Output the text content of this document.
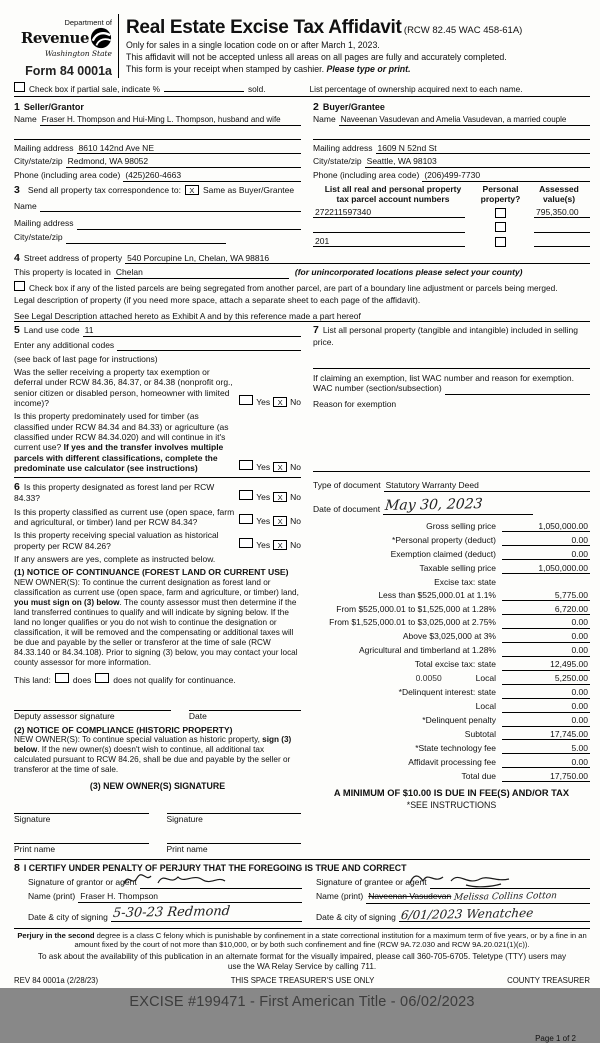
Department of
Revenue
Washington State
Form 84 0001a
Real Estate Excise Tax Affidavit (RCW 82.45 WAC 458-61A)
Only for sales in a single location code on or after March 1, 2023.
This affidavit will not be accepted unless all areas on all pages are fully and accurately completed.
This form is your receipt when stamped by cashier. Please type or print.
Check box if partial sale, indicate %	sold.	List percentage of ownership acquired next to each name.
1 Seller/Grantor
Name Fraser H. Thompson and Hui-Ming L. Thompson, husband and wife

Mailing address 8610 142nd Ave NE
City/state/zip Redmond, WA 98052
Phone (including area code) (425)260-4663
3 Send all property tax correspondence to:	X	Same as Buyer/Grantee
Name

Mailing address

City/state/zip

2 Buyer/Grantee
Name Naveenan Vasudevan and Amelia Vasudevan, a married couple

Mailing address 1609 N 52nd St
City/state/zip Seattle, WA 98103
Phone (including area code) (206)499-7730
List all real and personal property
tax parcel account numbers
Personal
property?
Assessed
value(s)
272211597340	795,350.00

201

4 Street address of property 540 Porcupine Ln, Chelan, WA 98816

This property is located in Chelan	(for unincorporated locations please select your county)
Check box if any of the listed parcels are being segregated from another parcel, are part of a boundary line adjustment or parcels being merged.
Legal description of property (if you need more space, attach a separate sheet to each page of the affidavit).
See Legal Description attached hereto as Exhibit A and by this reference made a part hereof
5 Land use code 11
Enter any additional codes

(see back of last page for instructions)
Was the seller receiving a property tax exemption or deferral under RCW 84.36, 84.37, or 84.38 (nonprofit org., senior citizen or disabled person, homeowner with limited income)?	Yes X No
Is this property predominately used for timber (as classified under RCW 84.34 and 84.33) or agriculture (as classified under RCW 84.34.020) and will continue in it's current use? If yes and the transfer involves multiple parcels with different classifications, complete the predominate use calculator (see instructions)	Yes X No
6 Is this property designated as forest land per RCW 84.33?	Yes X No
Is this property classified as current use (open space, farm and agricultural, or timber) land per RCW 84.34?	Yes X No
Is this property receiving special valuation as historical property per RCW 84.26?	Yes X No
If any answers are yes, complete as instructed below.
(1) NOTICE OF CONTINUANCE (FOREST LAND OR CURRENT USE)
NEW OWNER(S): To continue the current designation as forest land or classification as current use (open space, farm and agriculture, or timber) land, you must sign on (3) below. The county assessor must then determine if the land transferred continues to qualify and will indicate by signing below. If the land no longer qualifies or you do not wish to continue the designation or classification, it will be removed and the compensating or additional taxes will be due and payable by the seller or transferor at the time of sale (RCW 84.33.140 or 84.34.108). Prior to signing (3) below, you may contact your local county assessor for more information.
This land:	does	does not qualify for continuance.
Deputy assessor signature	Date
(2) NOTICE OF COMPLIANCE (HISTORIC PROPERTY)
NEW OWNER(S): To continue special valuation as historic property, sign (3) below. If the new owner(s) doesn't wish to continue, all additional tax calculated pursuant to RCW 84.26, shall be due and payable by the seller or transferor at the time of sale.
(3) NEW OWNER(S) SIGNATURE
Signature	Signature
Print name	Print name
7 List all personal property (tangible and intangible) included in selling price.

If claiming an exemption, list WAC number and reason for exemption.
WAC number (section/subsection)

Reason for exemption

Type of document Statutory Warranty Deed
Date of document May 30, 2023
Gross selling price	1,050,000.00
*Personal property (deduct)	0.00
Exemption claimed (deduct)	0.00
Taxable selling price	1,050,000.00
Excise tax: state
Less than $525,000.01 at 1.1%	5,775.00
From $525,000.01 to $1,525,000 at 1.28%	6,720.00
From $1,525,000.01 to $3,025,000 at 2.75%	0.00
Above $3,025,000 at 3%	0.00
Agricultural and timberland at 1.28%	0.00
Total excise tax: state	12,495.00
0.0050	Local	5,250.00
*Delinquent interest: state	0.00
Local	0.00
*Delinquent penalty	0.00
Subtotal	17,745.00
*State technology fee	5.00
Affidavit processing fee	0.00
Total due	17,750.00
A MINIMUM OF $10.00 IS DUE IN FEE(S) AND/OR TAX
*SEE INSTRUCTIONS
8 I CERTIFY UNDER PENALTY OF PERJURY THAT THE FOREGOING IS TRUE AND CORRECT
Signature of grantor or agent

Name (print) Fraser H. Thompson
Date & city of signing 5-30-23 Redmond
Signature of grantee or agent

Name (print) Naveenan Vasudevan Melissa Collins Cotton
Date & city of signing 6/01/2023 Wenatchee
Perjury in the second degree is a class C felony which is punishable by confinement in a state correctional institution for a maximum term of five years, or by a fine in an amount fixed by the court of not more than $10,000, or by both such confinement and fine (RCW 9A.72.030 and RCW 9A.20.021(1)(c)).
To ask about the availability of this publication in an alternate format for the visually impaired, please call 360-705-6705. Teletype (TTY) users may use the WA Relay Service by calling 711.
REV 84 0001a (2/28/23)	THIS SPACE TREASURER'S USE ONLY	COUNTY TREASURER
EXCISE #199471 - First American Title - 06/02/2023
Page 1 of 2
